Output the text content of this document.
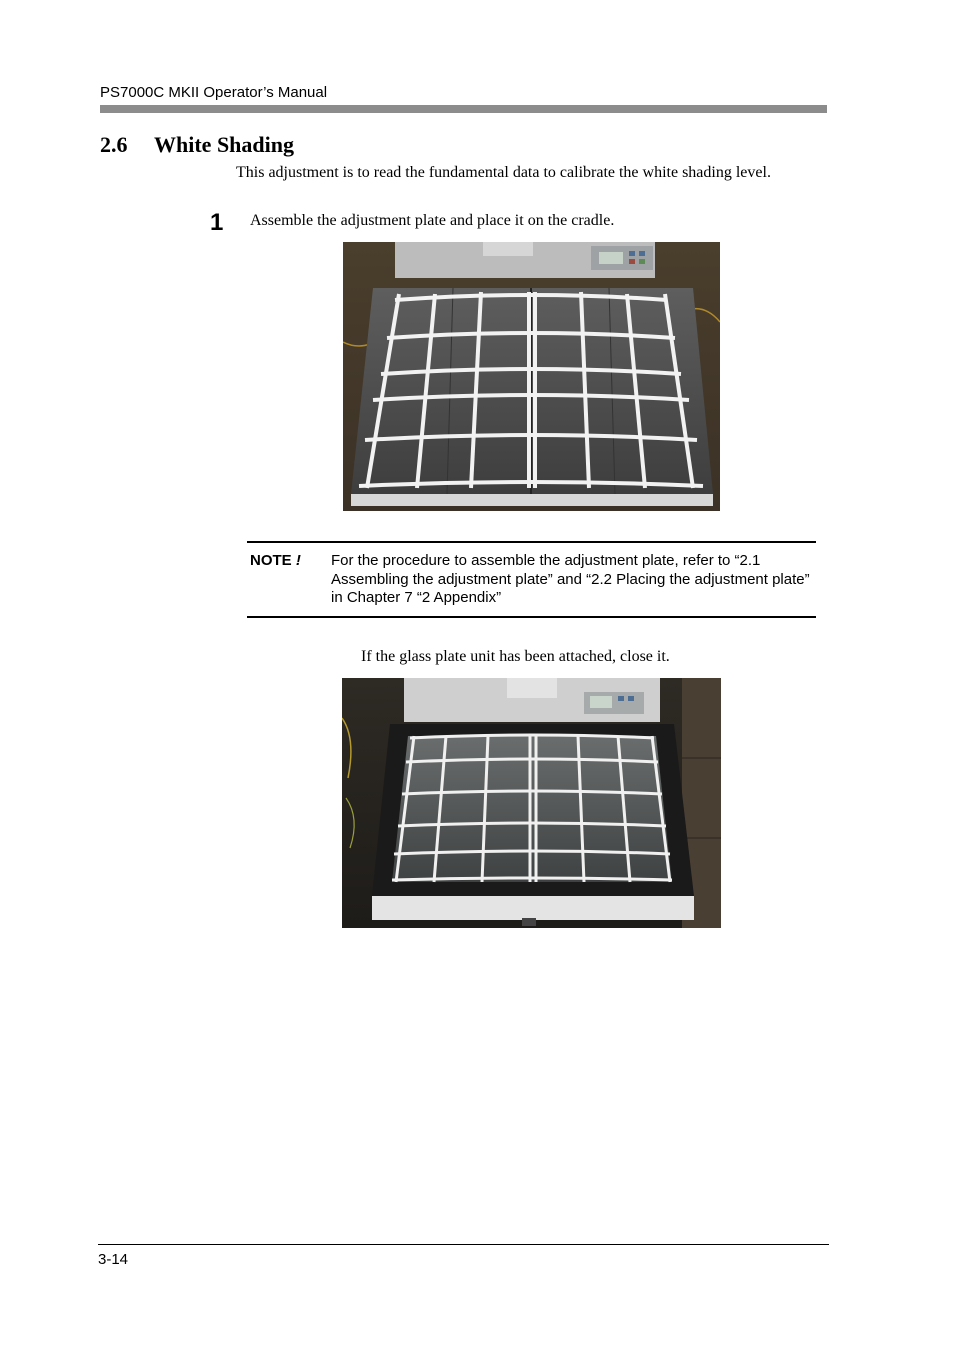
PS7000C MKII Operator’s Manual
2.6 White Shading
This adjustment is to read the fundamental data to calibrate the white shading level.
1 Assemble the adjustment plate and place it on the cradle.
NOTE ! For the procedure to assemble the adjustment plate, refer to “2.1 Assembling the adjustment plate” and “2.2 Placing the adjustment plate” in Chapter 7 “2 Appendix”
If the glass plate unit has been attached, close it.
3-14
